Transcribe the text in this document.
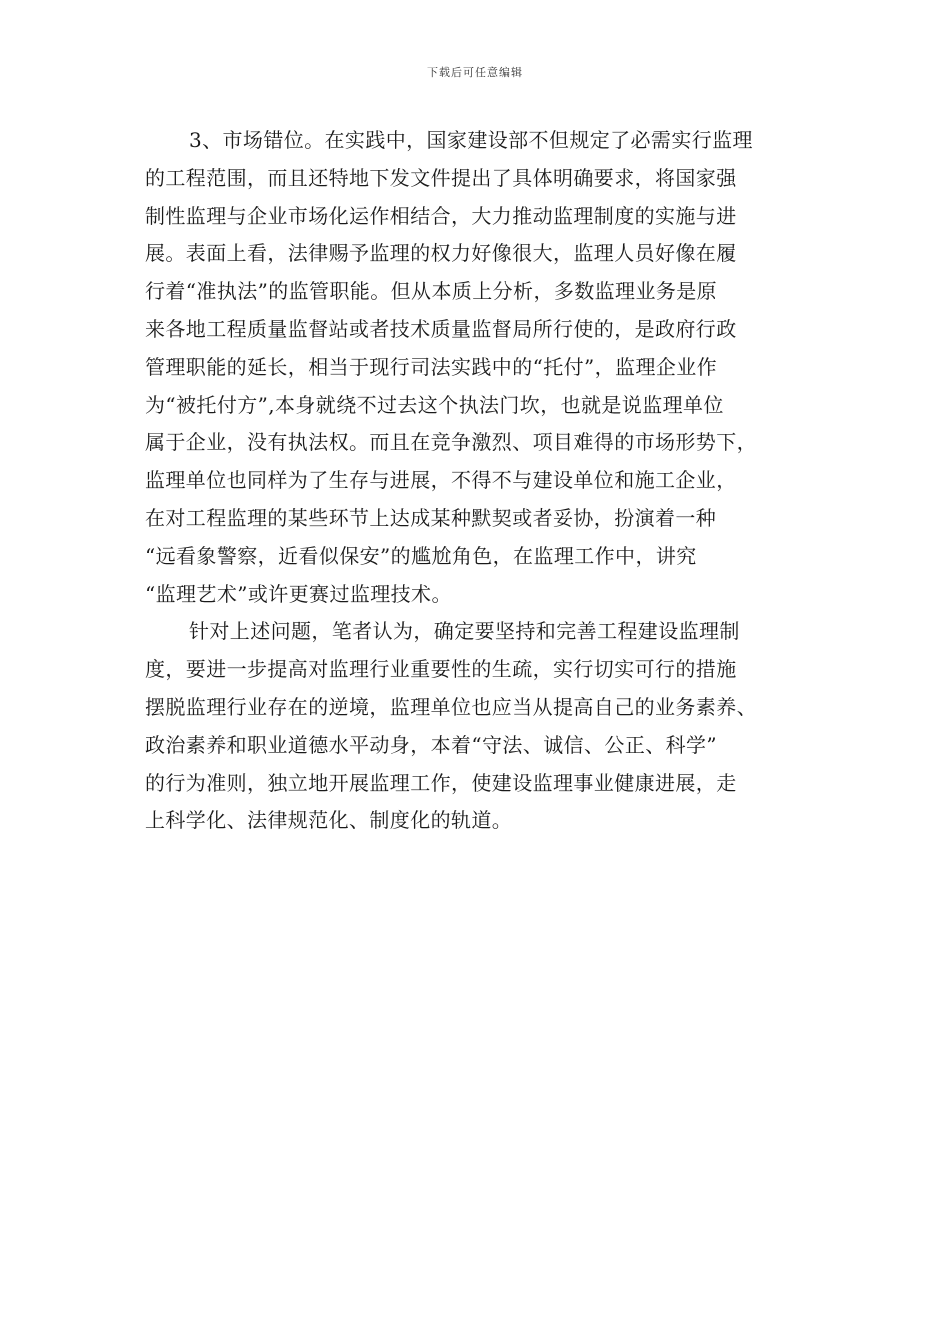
下载后可任意编辑
3、市场错位。在实践中，国家建设部不但规定了必需实行监理
的工程范围，而且还特地下发文件提出了具体明确要求，将国家强
制性监理与企业市场化运作相结合，大力推动监理制度的实施与进
展。表面上看，法律赐予监理的权力好像很大，监理人员好像在履
行着“准执法”的监管职能。但从本质上分析，多数监理业务是原
来各地工程质量监督站或者技术质量监督局所行使的，是政府行政
管理职能的延长，相当于现行司法实践中的“托付”，监理企业作
为“被托付方”,本身就绕不过去这个执法门坎，也就是说监理单位
属于企业，没有执法权。而且在竞争激烈、项目难得的市场形势下，
监理单位也同样为了生存与进展，不得不与建设单位和施工企业，
在对工程监理的某些环节上达成某种默契或者妥协，扮演着一种
“远看象警察，近看似保安”的尴尬角色，在监理工作中，讲究
“监理艺术”或许更赛过监理技术。
针对上述问题，笔者认为，确定要坚持和完善工程建设监理制
度，要进一步提高对监理行业重要性的生疏，实行切实可行的措施
摆脱监理行业存在的逆境，监理单位也应当从提高自己的业务素养、
政治素养和职业道德水平动身，本着“守法、诚信、公正、科学”
的行为准则，独立地开展监理工作，使建设监理事业健康进展，走
上科学化、法律规范化、制度化的轨道。
